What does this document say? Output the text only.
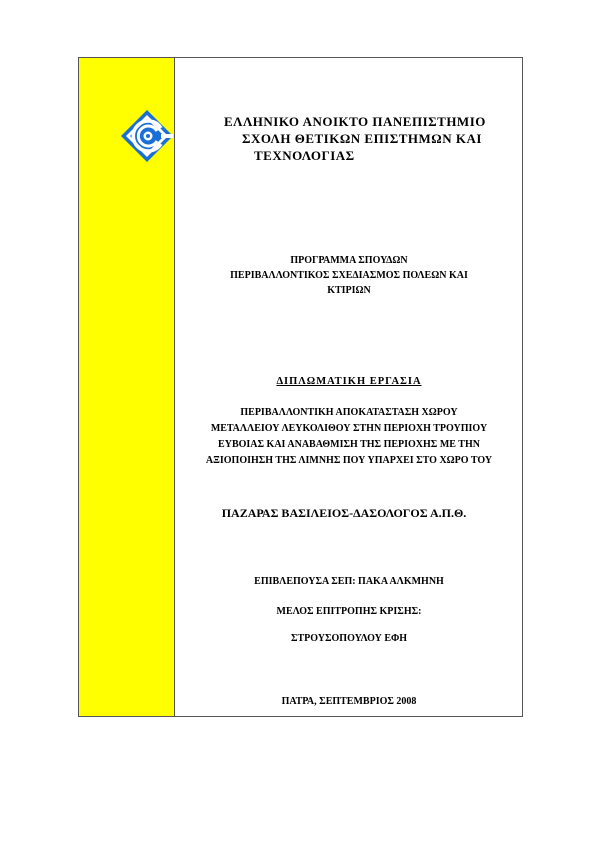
ΕΛΛΗΝΙΚΟ ΑΝΟΙΚΤΟ ΠΑΝΕΠΙΣΤΗΜΙΟ
ΣΧΟΛΗ ΘΕΤΙΚΩΝ ΕΠΙΣΤΗΜΩΝ ΚΑΙ
ΤΕΧΝΟΛΟΓΙΑΣ
ΠΡΟΓΡΑΜΜΑ ΣΠΟΥΔΩΝ
ΠΕΡΙΒΑΛΛΟΝΤΙΚΟΣ ΣΧΕΔΙΑΣΜΟΣ ΠΟΛΕΩΝ ΚΑΙ
ΚΤΙΡΙΩΝ
ΔΙΠΛΩΜΑΤΙΚΗ ΕΡΓΑΣΙΑ
ΠΕΡΙΒΑΛΛΟΝΤΙΚΗ ΑΠΟΚΑΤΑΣΤΑΣΗ ΧΩΡΟΥ
ΜΕΤΑΛΛΕΙΟΥ ΛΕΥΚΟΛΙΘΟΥ ΣΤΗΝ ΠΕΡΙΟΧΗ ΤΡΟΥΠΙΟΥ
ΕΥΒΟΙΑΣ ΚΑΙ ΑΝΑΒΑΘΜΙΣΗ ΤΗΣ ΠΕΡΙΟΧΗΣ ΜΕ ΤΗΝ
ΑΞΙΟΠΟΙΗΣΗ ΤΗΣ ΛΙΜΝΗΣ ΠΟΥ ΥΠΑΡΧΕΙ ΣΤΟ ΧΩΡΟ ΤΟΥ
ΠΑΖΑΡΑΣ ΒΑΣΙΛΕΙΟΣ-ΔΑΣΟΛΟΓΟΣ Α.Π.Θ.
ΕΠΙΒΛΕΠΟΥΣΑ ΣΕΠ: ΠΑΚΑ ΑΛΚΜΗΝΗ
ΜΕΛΟΣ ΕΠΙΤΡΟΠΗΣ ΚΡΙΣΗΣ:
ΣΤΡΟΥΣΟΠΟΥΛΟΥ ΕΦΗ
ΠΑΤΡΑ, ΣΕΠΤΕΜΒΡΙΟΣ 2008
